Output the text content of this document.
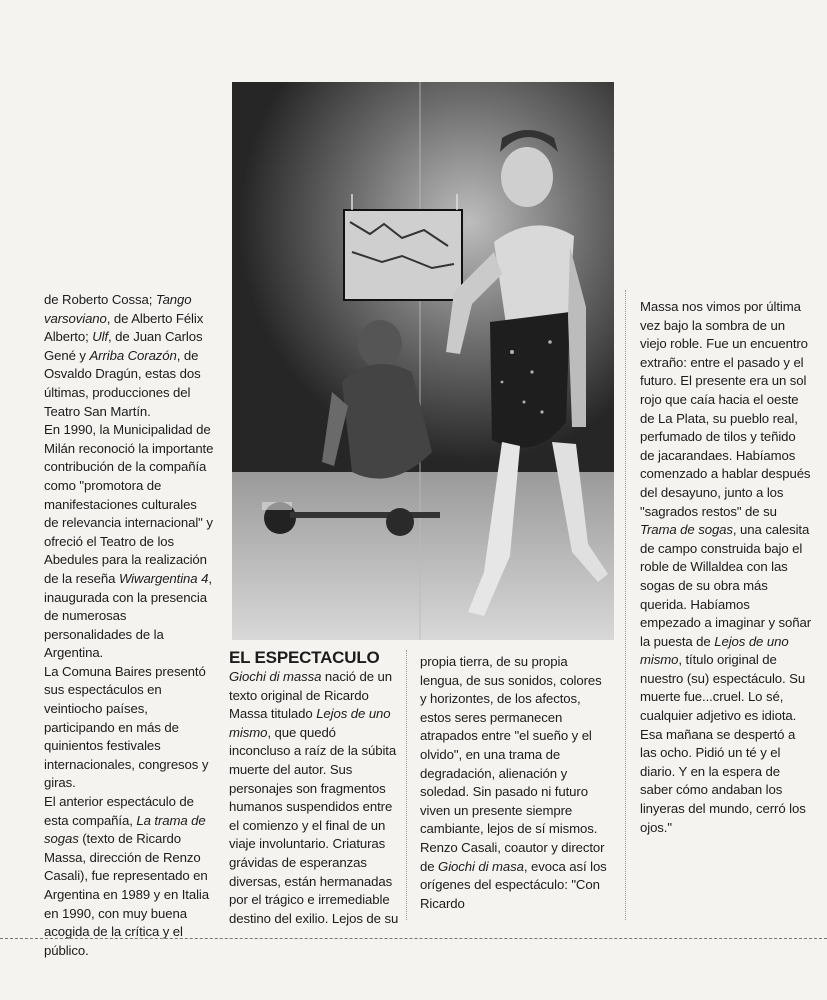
de Roberto Cossa; Tango varsoviano, de Alberto Félix Alberto; Ulf, de Juan Carlos Gené y Arriba Corazón, de Osvaldo Dragún, estas dos últimas, producciones del Teatro San Martín.

En 1990, la Municipalidad de Milán reconoció la importante contribución de la compañía como "promotora de manifestaciones culturales de relevancia internacional" y ofreció el Teatro de los Abedules para la realización de la reseña Wiwargentina 4, inaugurada con la presencia de numerosas personalidades de la Argentina.

La Comuna Baires presentó sus espectáculos en veintiocho países, participando en más de quinientos festivales internacionales, congresos y giras.

El anterior espectáculo de esta compañía, La trama de sogas (texto de Ricardo Massa, dirección de Renzo Casali), fue representado en Argentina en 1989 y en Italia en 1990, con muy buena acogida de la crítica y el público.

EL ESPECTACULO

Giochi di massa nació de un texto original de Ricardo Massa titulado Lejos de uno mismo, que quedó inconcluso a raíz de la súbita muerte del autor. Sus personajes son fragmentos humanos suspendidos entre el comienzo y el final de un viaje involuntario. Criaturas grávidas de esperanzas diversas, están hermanadas por el trágico e irremediable destino del exilio. Lejos de su

propia tierra, de su propia lengua, de sus sonidos, colores y horizontes, de los afectos, estos seres permanecen atrapados entre "el sueño y el olvido", en una trama de degradación, alienación y soledad. Sin pasado ni futuro viven un presente siempre cambiante, lejos de sí mismos.

Renzo Casali, coautor y director de Giochi di masa, evoca así los orígenes del espectáculo: "Con Ricardo

Massa nos vimos por última vez bajo la sombra de un viejo roble. Fue un encuentro extraño: entre el pasado y el futuro. El presente era un sol rojo que caía hacia el oeste de La Plata, su pueblo real, perfumado de tilos y teñido de jacarandaes. Habíamos comenzado a hablar después del desayuno, junto a los "sagrados restos" de su Trama de sogas, una calesita de campo construida bajo el roble de Willaldea con las sogas de su obra más querida. Habíamos empezado a imaginar y soñar la puesta de Lejos de uno mismo, título original de nuestro (su) espectáculo. Su muerte fue...cruel. Lo sé, cualquier adjetivo es idiota. Esa mañana se despertó a las ocho. Pidió un té y el diario. Y en la espera de saber cómo andaban los linyeras del mundo, cerró los ojos."
